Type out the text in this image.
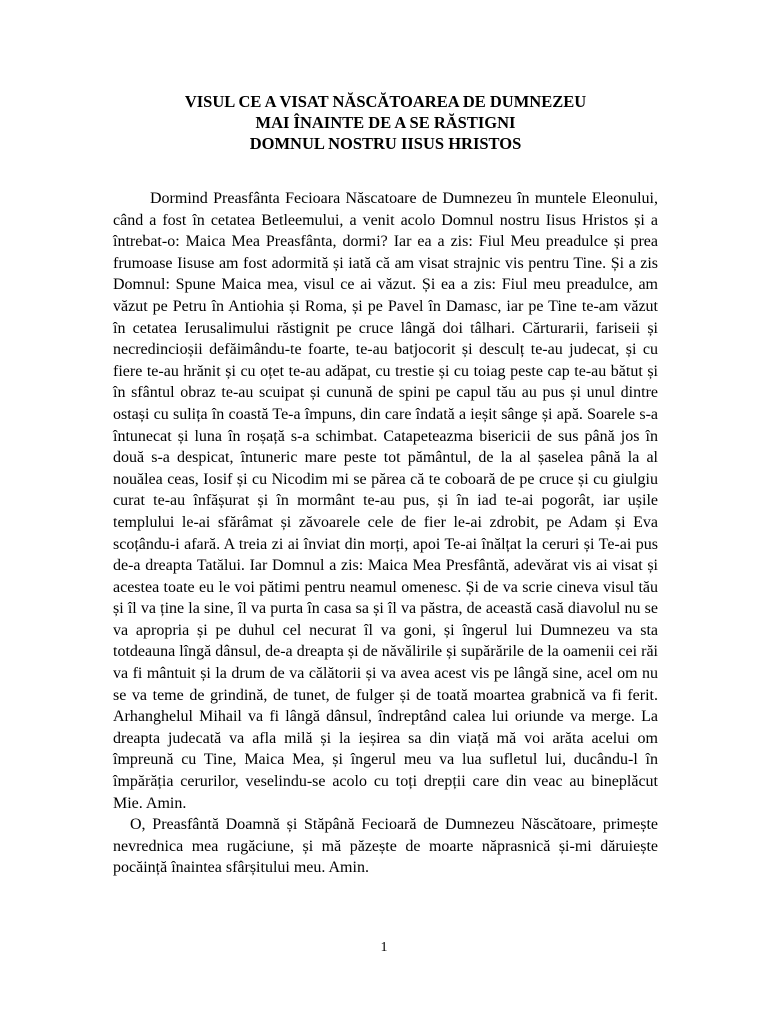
VISUL CE A VISAT NĂSCĂTOAREA DE DUMNEZEU
MAI ÎNAINTE DE A SE RĂSTIGNI
DOMNUL NOSTRU IISUS HRISTOS

Dormind Preasfânta Fecioara Născatoare de Dumnezeu în muntele Eleonului, când a fost în cetatea Betleemului, a venit acolo Domnul nostru Iisus Hristos și a întrebat-o: Maica Mea Preasfânta, dormi? Iar ea a zis: Fiul Meu preadulce și prea frumoase Iisuse am fost adormită și iată că am visat strajnic vis pentru Tine. Și a zis Domnul: Spune Maica mea, visul ce ai văzut. Și ea a zis: Fiul meu preadulce, am văzut pe Petru în Antiohia și Roma, și pe Pavel în Damasc, iar pe Tine te-am văzut în cetatea Ierusalimului răstignit pe cruce lângă doi tâlhari. Cărturarii, fariseii și necredincioșii defăimându-te foarte, te-au batjocorit și desculț te-au judecat, și cu fiere te-au hrănit și cu oțet te-au adăpat, cu trestie și cu toiag peste cap te-au bătut și în sfântul obraz te-au scuipat și cunună de spini pe capul tău au pus și unul dintre ostași cu sulița în coastă Te-a împuns, din care îndată a ieșit sânge și apă. Soarele s-a întunecat și luna în roșață s-a schimbat. Catapeteazma bisericii de sus până jos în două s-a despicat, întuneric mare peste tot pământul, de la al șaselea până la al nouălea ceas, Iosif și cu Nicodim mi se părea că te coboară de pe cruce și cu giulgiu curat te-au înfășurat și în mormânt te-au pus, și în iad te-ai pogorât, iar ușile templului le-ai sfărâmat și zăvoarele cele de fier le-ai zdrobit, pe Adam și Eva scoțându-i afară. A treia zi ai înviat din morți, apoi Te-ai înălțat la ceruri și Te-ai pus de-a dreapta Tatălui. Iar Domnul a zis: Maica Mea Presfântă, adevărat vis ai visat și acestea toate eu le voi pătimi pentru neamul omenesc. Și de va scrie cineva visul tău și îl va ține la sine, îl va purta în casa sa și îl va păstra, de această casă diavolul nu se va apropria și pe duhul cel necurat îl va goni, și îngerul lui Dumnezeu va sta totdeauna lîngă dânsul, de-a dreapta și de năvălirile și supărările de la oamenii cei răi va fi mântuit și la drum de va călătorii și va avea acest vis pe lângă sine, acel om nu se va teme de grindină, de tunet, de fulger și de toată moartea grabnică va fi ferit. Arhanghelul Mihail va fi lângă dânsul, îndreptând calea lui oriunde va merge. La dreapta judecată va afla milă și la ieșirea sa din viață mă voi arăta acelui om împreună cu Tine, Maica Mea, și îngerul meu va lua sufletul lui, ducându-l în împărăția cerurilor, veselindu-se acolo cu toți drepții care din veac au bineplăcut Mie. Amin.

O, Preasfântă Doamnă și Stăpână Fecioară de Dumnezeu Născătoare, primește nevrednica mea rugăciune, și mă păzește de moarte năprasnică și-mi dăruiește pocăință înaintea sfârșitului meu. Amin.

1
